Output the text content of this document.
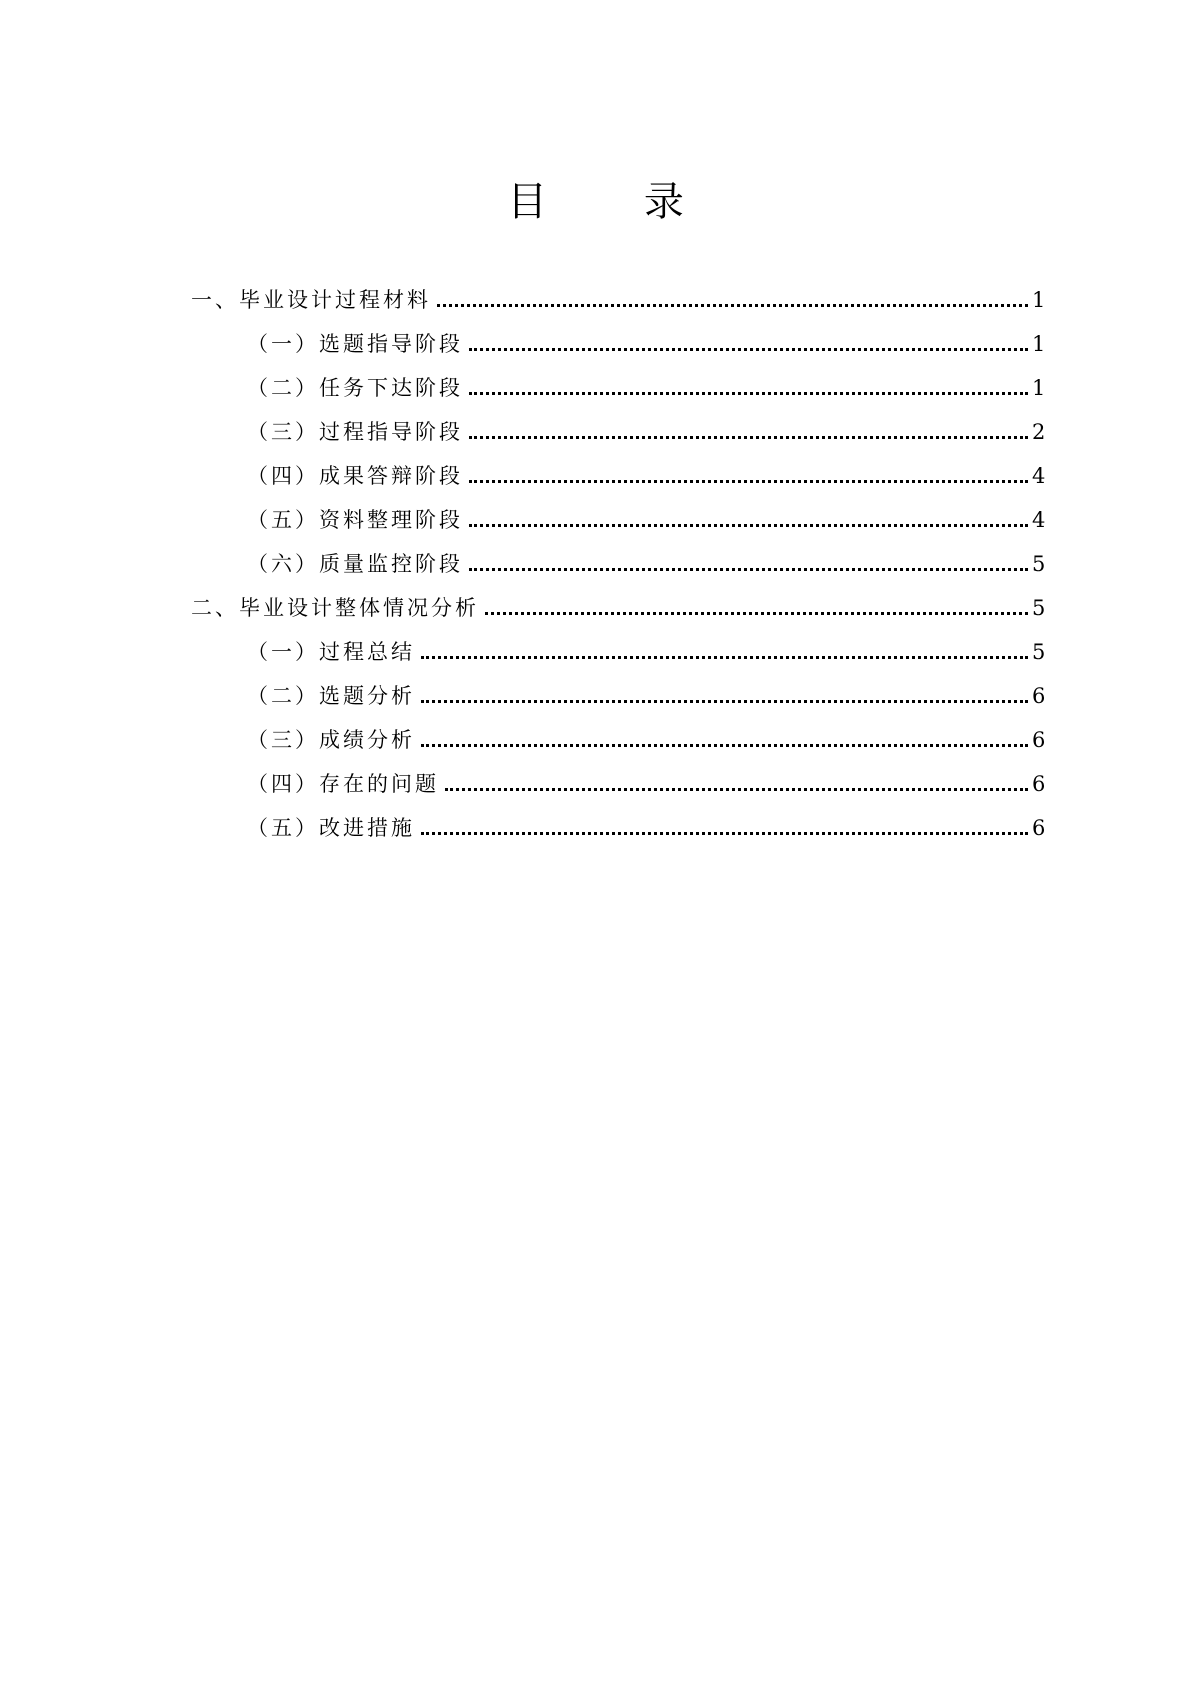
目 录
一、毕业设计过程材料	1
（一）选题指导阶段	1
（二）任务下达阶段	1
（三）过程指导阶段	2
（四）成果答辩阶段	4
（五）资料整理阶段	4
（六）质量监控阶段	5
二、毕业设计整体情况分析	5
（一）过程总结	5
（二）选题分析	6
（三）成绩分析	6
（四）存在的问题	6
（五）改进措施	6
